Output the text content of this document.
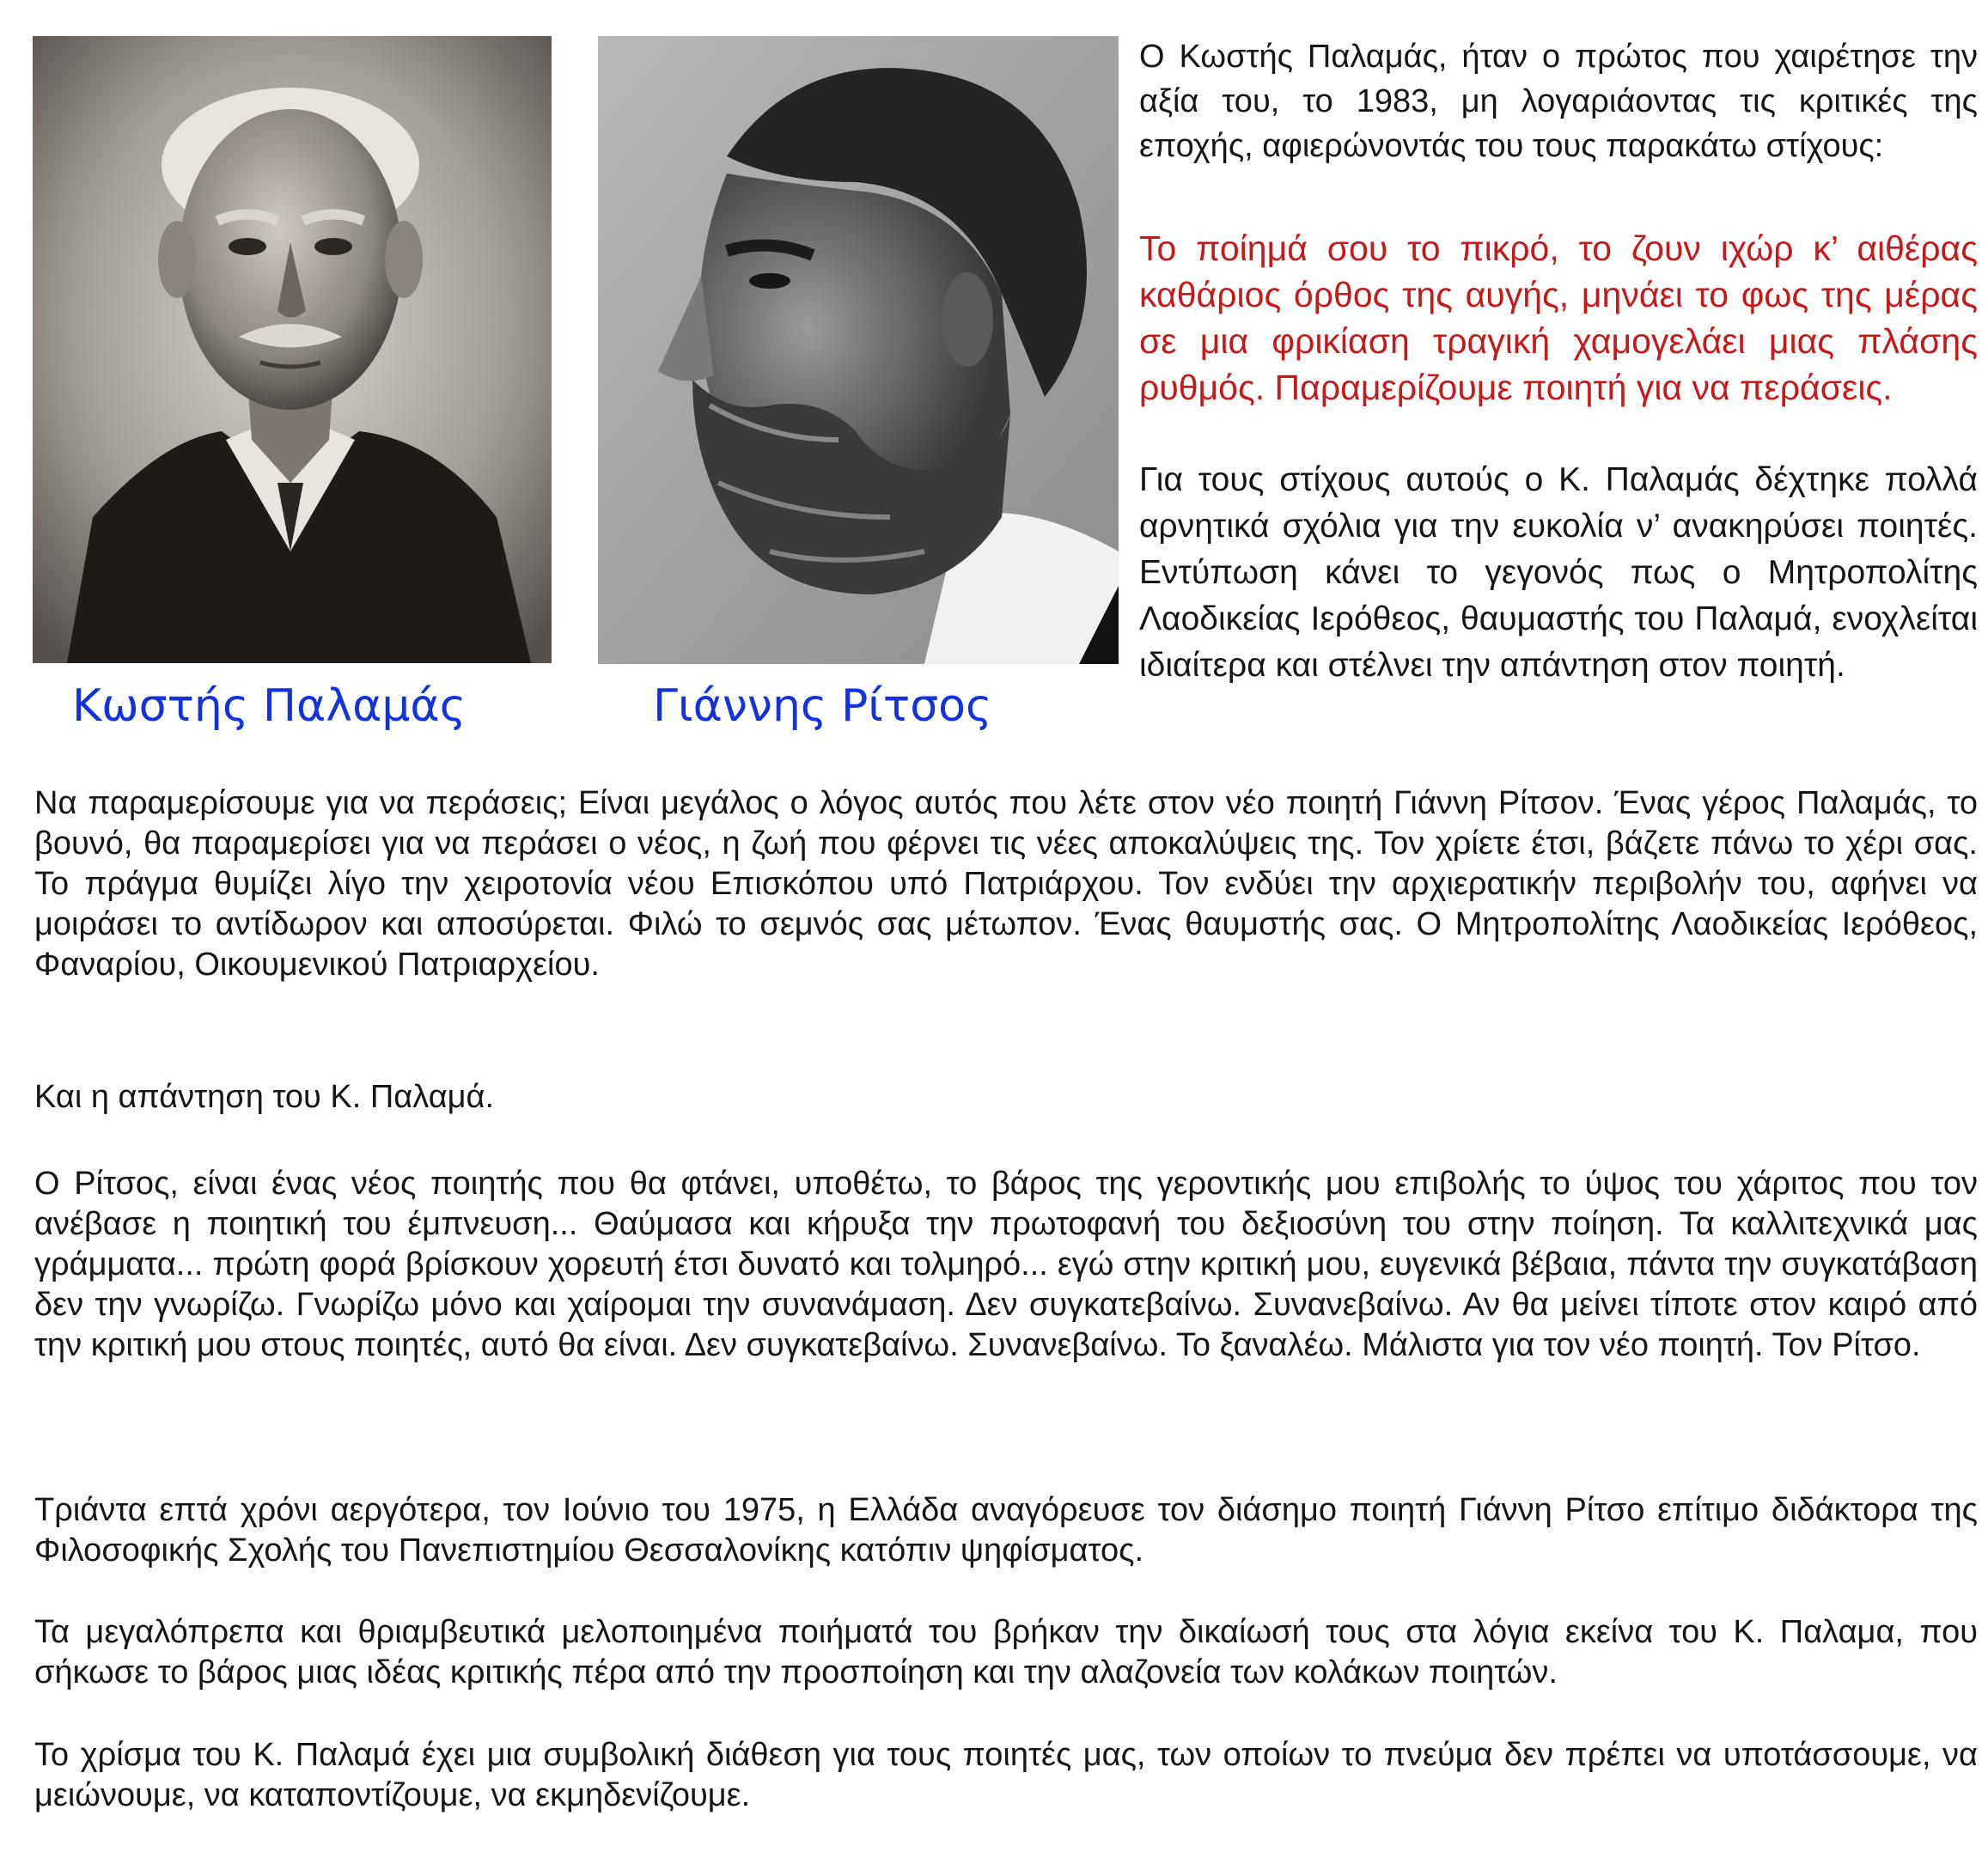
Κωστής Παλαμάς	Γιάννης Ρίτσος

Ο Κωστής Παλαμάς, ήταν ο πρώτος που χαιρέτησε την αξία του, το 1983, μη λογαριάοντας τις κριτικές της εποχής, αφιερώνοντάς του τους παρακάτω στίχους:

Το ποίημά σου το πικρό, το ζουν ιχώρ κ’ αιθέρας καθάριος όρθος της αυγής, μηνάει το φως της μέρας σε μια φρικίαση τραγική χαμογελάει μιας πλάσης ρυθμός. Παραμερίζουμε ποιητή για να περάσεις.

Για τους στίχους αυτούς ο Κ. Παλαμάς δέχτηκε πολλά αρνητικά σχόλια για την ευκολία ν’ ανακηρύσει ποιητές. Εντύπωση κάνει το γεγονός πως ο Μητροπολίτης Λαοδικείας Ιερόθεος, θαυμαστής του Παλαμά, ενοχλείται ιδιαίτερα και στέλνει την απάντηση στον ποιητή.

Να παραμερίσουμε για να περάσεις; Είναι μεγάλος ο λόγος αυτός που λέτε στον νέο ποιητή Γιάννη Ρίτσον. Ένας γέρος Παλαμάς, το βουνό, θα παραμερίσει για να περάσει ο νέος, η ζωή που φέρνει τις νέες αποκαλύψεις της. Τον χρίετε έτσι, βάζετε πάνω το χέρι σας. Το πράγμα θυμίζει λίγο την χειροτονία νέου Επισκόπου υπό Πατριάρχου. Τον ενδύει την αρχιερατικήν περιβολήν του, αφήνει να μοιράσει το αντίδωρον και αποσύρεται. Φιλώ το σεμνός σας μέτωπον. Ένας θαυμστής σας. Ο Μητροπολίτης Λαοδικείας Ιερόθεος, Φαναρίου, Οικουμενικού Πατριαρχείου.

Και η απάντηση του Κ. Παλαμά.

Ο Ρίτσος, είναι ένας νέος ποιητής που θα φτάνει, υποθέτω, το βάρος της γεροντικής μου επιβολής το ύψος του χάριτος που τον ανέβασε η ποιητική του έμπνευση... Θαύμασα και κήρυξα την πρωτοφανή του δεξιοσύνη του στην ποίηση. Τα καλλιτεχνικά μας γράμματα... πρώτη φορά βρίσκουν χορευτή έτσι δυνατό και τολμηρό... εγώ στην κριτική μου, ευγενικά βέβαια, πάντα την συγκατάβαση δεν την γνωρίζω. Γνωρίζω μόνο και χαίρομαι την συνανάμαση. Δεν συγκατεβαίνω. Συνανεβαίνω. Αν θα μείνει τίποτε στον καιρό από την κριτική μου στους ποιητές, αυτό θα είναι. Δεν συγκατεβαίνω. Συνανεβαίνω. Το ξαναλέω. Μάλιστα για τον νέο ποιητή. Τον Ρίτσο.

Τριάντα επτά χρόνι αεργότερα, τον Ιούνιο του 1975, η Ελλάδα αναγόρευσε τον διάσημο ποιητή Γιάννη Ρίτσο επίτιμο διδάκτορα της Φιλοσοφικής Σχολής του Πανεπιστημίου Θεσσαλονίκης κατόπιν ψηφίσματος.

Τα μεγαλόπρεπα και θριαμβευτικά μελοποιημένα ποιήματά του βρήκαν την δικαίωσή τους στα λόγια εκείνα του Κ. Παλαμα, που σήκωσε το βάρος μιας ιδέας κριτικής πέρα από την προσποίηση και την αλαζονεία των κολάκων ποιητών.

Το χρίσμα του Κ. Παλαμά έχει μια συμβολική διάθεση για τους ποιητές μας, των οποίων το πνεύμα δεν πρέπει να υποτάσσουμε, να μειώνουμε, να καταποντίζουμε, να εκμηδενίζουμε.
